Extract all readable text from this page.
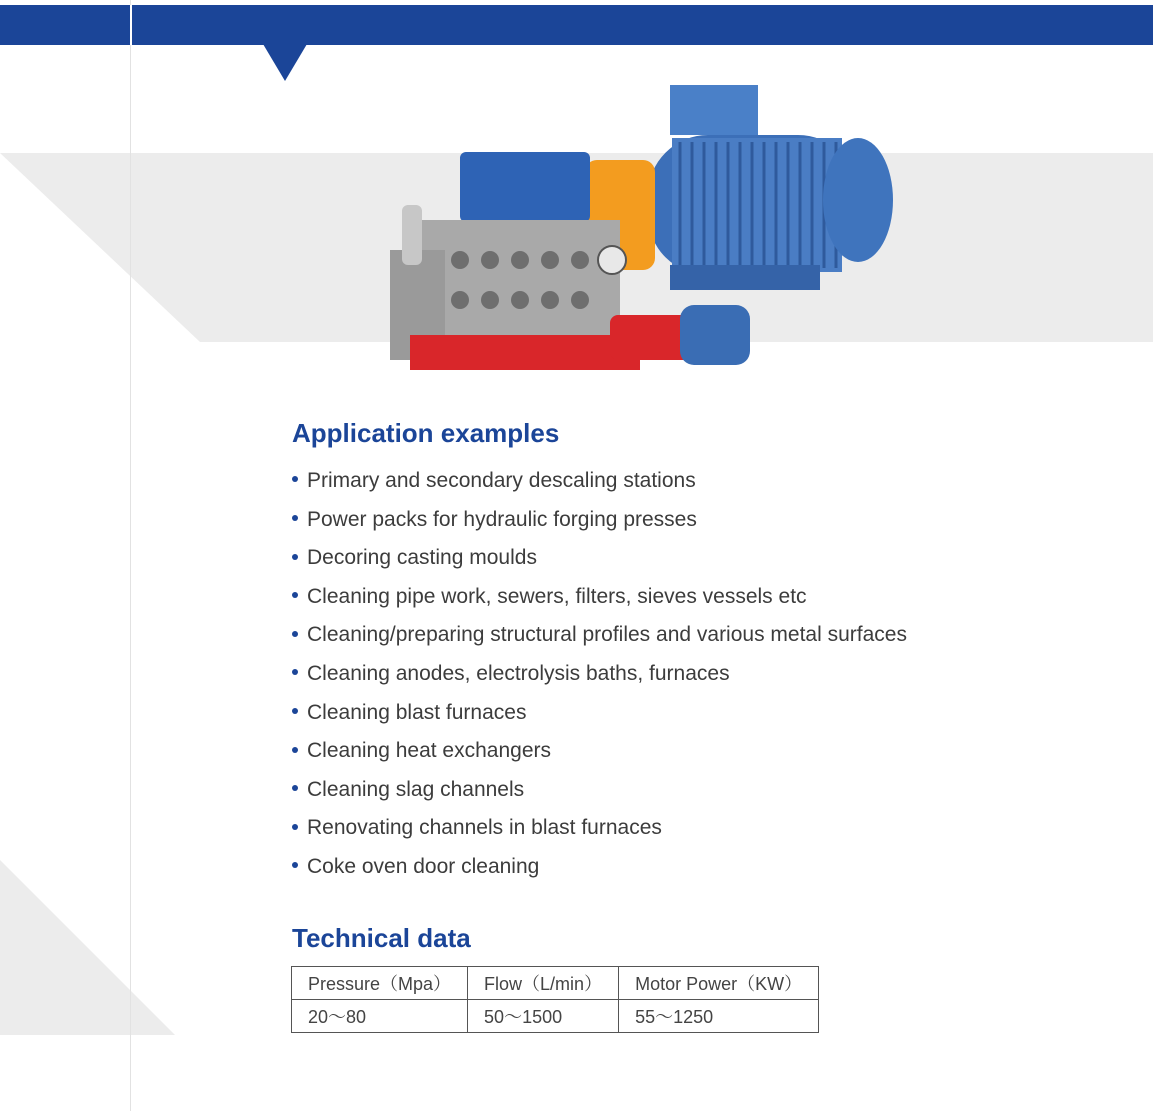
Application examples
Primary and secondary descaling stations
Power packs for hydraulic forging presses
Decoring casting moulds
Cleaning pipe work, sewers, filters, sieves vessels etc
Cleaning/preparing structural profiles and various metal surfaces
Cleaning anodes, electrolysis baths, furnaces
Cleaning blast furnaces
Cleaning heat exchangers
Cleaning slag channels
Renovating channels in blast furnaces
Coke oven door cleaning
Technical data
Pressure（Mpa）	Flow（L/min）	Motor Power（KW）
20～80	50～1500	55～1250
